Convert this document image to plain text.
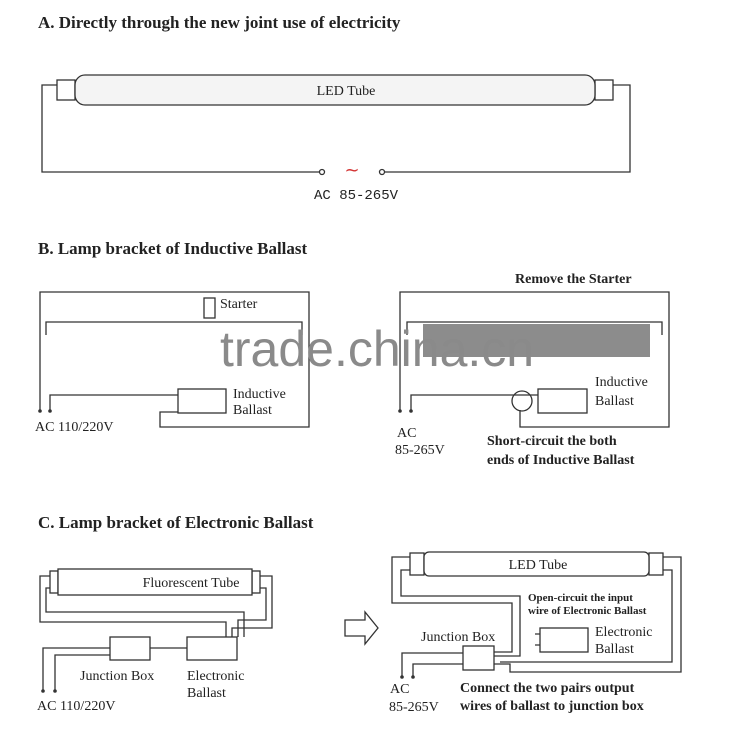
A. Directly through the new joint use of electricity
LED Tube
~
AC 85-265V
B. Lamp bracket of Inductive Ballast
Starter
Inductive
Ballast
AC 110/220V
Remove the Starter
Inductive
Ballast
AC
85-265V
Short-circuit the both
ends of Inductive Ballast
trade.china.cn
C. Lamp bracket of Electronic Ballast
Fluorescent Tube
Junction Box Electronic
Ballast
AC 110/220V
LED Tube
Open-circuit the input
wire of Electronic Ballast
Junction Box	Electronic
Ballast
AC
85-265V
Connect the two pairs output
wires of ballast to junction box
